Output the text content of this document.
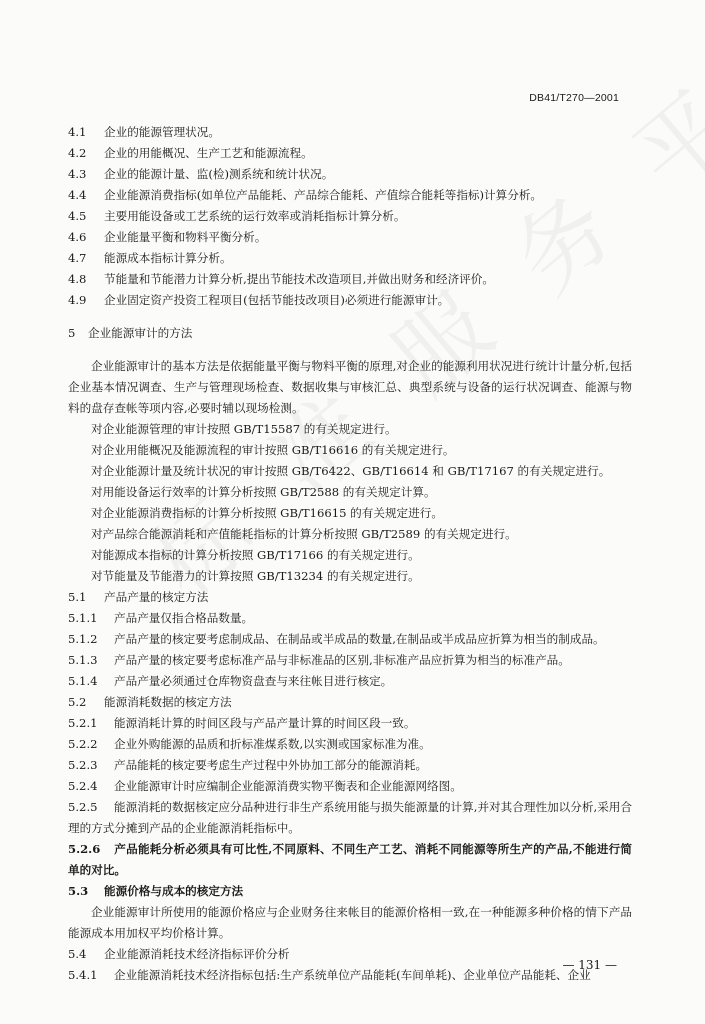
DB41/T270—2001
4.1 企业的能源管理状况。
4.2 企业的用能概况、生产工艺和能源流程。
4.3 企业的能源计量、监(检)测系统和统计状况。
4.4 企业能源消费指标(如单位产品能耗、产品综合能耗、产值综合能耗等指标)计算分析。
4.5 主要用能设备或工艺系统的运行效率或消耗指标计算分析。
4.6 企业能量平衡和物料平衡分析。
4.7 能源成本指标计算分析。
4.8 节能量和节能潜力计算分析,提出节能技术改造项目,并做出财务和经济评价。
4.9 企业固定资产投资工程项目(包括节能技改项目)必须进行能源审计。
5 企业能源审计的方法
企业能源审计的基本方法是依据能量平衡与物料平衡的原理,对企业的能源利用状况进行统计计量分析,包括企业基本情况调查、生产与管理现场检查、数据收集与审核汇总、典型系统与设备的运行状况调查、能源与物料的盘存查帐等项内容,必要时辅以现场检测。
对企业能源管理的审计按照 GB/T15587 的有关规定进行。
对企业用能概况及能源流程的审计按照 GB/T16616 的有关规定进行。
对企业能源计量及统计状况的审计按照 GB/T6422、GB/T16614 和 GB/T17167 的有关规定进行。
对用能设备运行效率的计算分析按照 GB/T2588 的有关规定计算。
对企业能源消费指标的计算分析按照 GB/T16615 的有关规定进行。
对产品综合能源消耗和产值能耗指标的计算分析按照 GB/T2589 的有关规定进行。
对能源成本指标的计算分析按照 GB/T17166 的有关规定进行。
对节能量及节能潜力的计算按照 GB/T13234 的有关规定进行。
5.1 产品产量的核定方法
5.1.1 产品产量仅指合格品数量。
5.1.2 产品产量的核定要考虑制成品、在制品或半成品的数量,在制品或半成品应折算为相当的制成品。
5.1.3 产品产量的核定要考虑标准产品与非标准品的区别,非标准产品应折算为相当的标准产品。
5.1.4 产品产量必须通过仓库物资盘查与来往帐目进行核定。
5.2 能源消耗数据的核定方法
5.2.1 能源消耗计算的时间区段与产品产量计算的时间区段一致。
5.2.2 企业外购能源的品质和折标准煤系数,以实测或国家标准为准。
5.2.3 产品能耗的核定要考虑生产过程中外协加工部分的能源消耗。
5.2.4 企业能源审计时应编制企业能源消费实物平衡表和企业能源网络图。
5.2.5 能源消耗的数据核定应分品种进行非生产系统用能与损失能源量的计算,并对其合理性加以分析,采用合理的方式分摊到产品的企业能源消耗指标中。
5.2.6 产品能耗分析必须具有可比性,不同原料、不同生产工艺、消耗不同能源等所生产的产品,不能进行简单的对比。
5.3 能源价格与成本的核定方法
企业能源审计所使用的能源价格应与企业财务往来帐目的能源价格相一致,在一种能源多种价格的情下产品能源成本用加权平均价格计算。
5.4 企业能源消耗技术经济指标评价分析
5.4.1 企业能源消耗技术经济指标包括:生产系统单位产品能耗(车间单耗)、企业单位产品能耗、企业
— 131 —
